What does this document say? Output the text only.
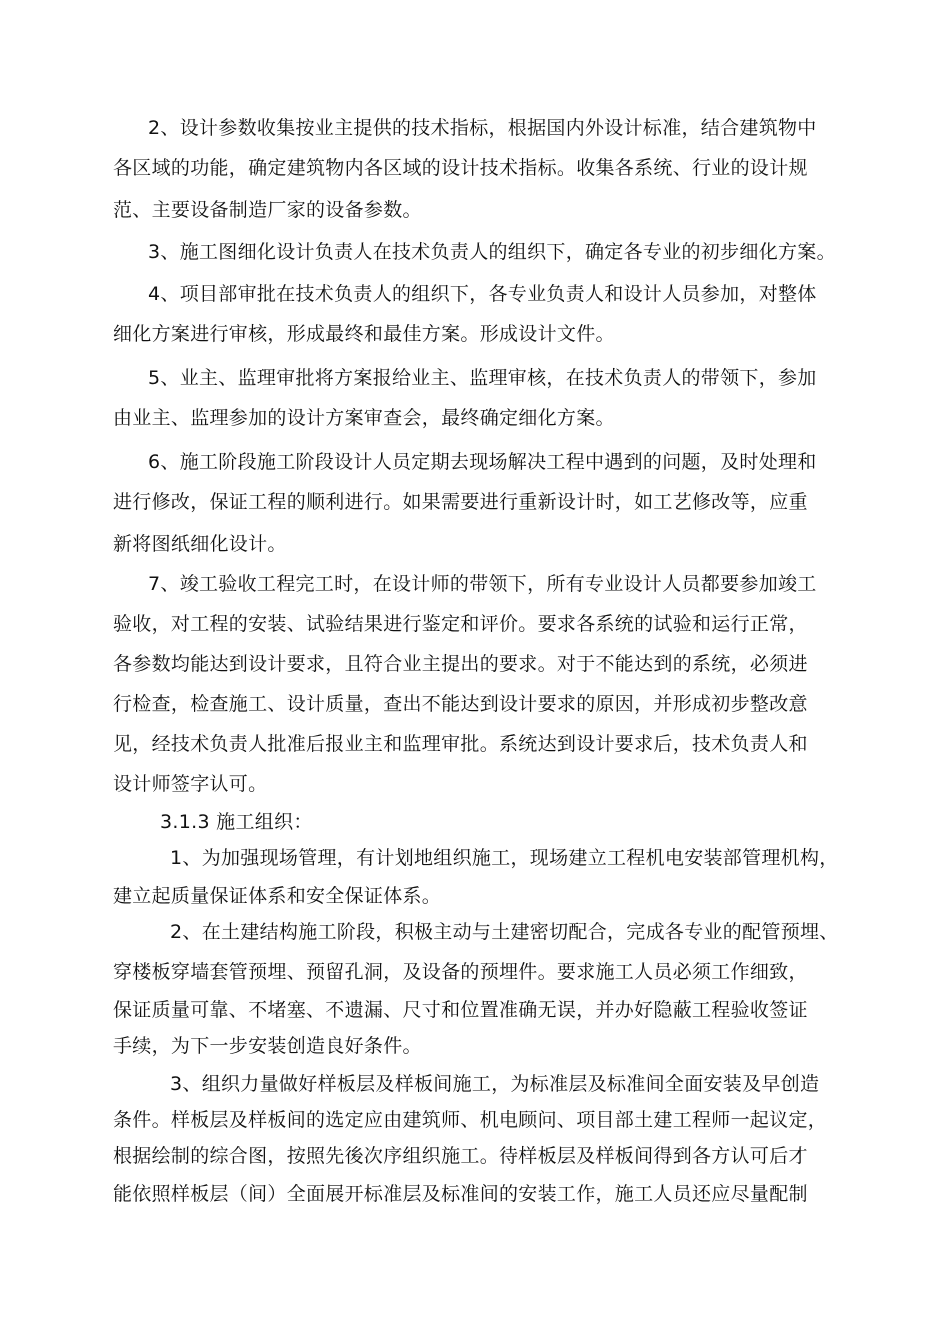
2、设计参数收集按业主提供的技术指标，根据国内外设计标准，结合建筑物中
各区域的功能，确定建筑物内各区域的设计技术指标。收集各系统、行业的设计规
范、主要设备制造厂家的设备参数。
3、施工图细化设计负责人在技术负责人的组织下，确定各专业的初步细化方案。
4、项目部审批在技术负责人的组织下，各专业负责人和设计人员参加，对整体
细化方案进行审核，形成最终和最佳方案。形成设计文件。
5、业主、监理审批将方案报给业主、监理审核，在技术负责人的带领下，参加
由业主、监理参加的设计方案审查会，最终确定细化方案。
6、施工阶段施工阶段设计人员定期去现场解决工程中遇到的问题，及时处理和
进行修改，保证工程的顺利进行。如果需要进行重新设计时，如工艺修改等，应重
新将图纸细化设计。
7、竣工验收工程完工时，在设计师的带领下，所有专业设计人员都要参加竣工
验收，对工程的安装、试验结果进行鉴定和评价。要求各系统的试验和运行正常，
各参数均能达到设计要求，且符合业主提出的要求。对于不能达到的系统，必须进
行检查，检查施工、设计质量，查出不能达到设计要求的原因，并形成初步整改意
见，经技术负责人批准后报业主和监理审批。系统达到设计要求后，技术负责人和
设计师签字认可。
3.1.3 施工组织：
1、为加强现场管理，有计划地组织施工，现场建立工程机电安装部管理机构，
建立起质量保证体系和安全保证体系。
2、在土建结构施工阶段，积极主动与土建密切配合，完成各专业的配管预埋、
穿楼板穿墙套管预埋、预留孔洞，及设备的预埋件。要求施工人员必须工作细致，
保证质量可靠、不堵塞、不遗漏、尺寸和位置准确无误，并办好隐蔽工程验收签证
手续，为下一步安装创造良好条件。
3、组织力量做好样板层及样板间施工，为标准层及标准间全面安装及早创造
条件。样板层及样板间的选定应由建筑师、机电顾问、项目部土建工程师一起议定，
根据绘制的综合图，按照先後次序组织施工。待样板层及样板间得到各方认可后才
能依照样板层（间）全面展开标准层及标准间的安装工作，施工人员还应尽量配制
